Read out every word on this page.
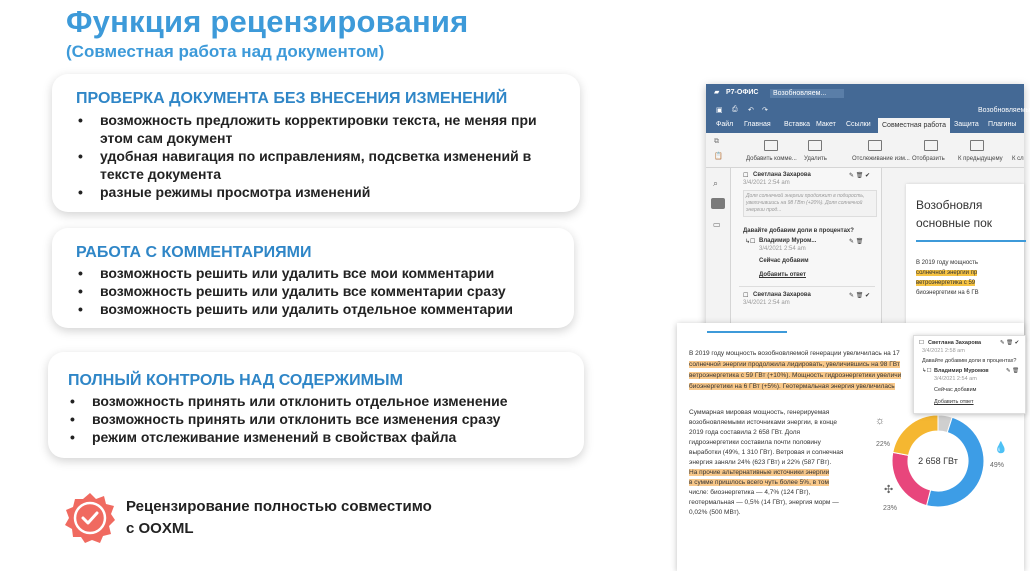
Функция рецензирования
(Совместная работа над документом)
ПРОВЕРКА ДОКУМЕНТА БЕЗ ВНЕСЕНИЯ ИЗМЕНЕНИЙ
• возможность предложить корректировки текста, не меняя при
этом сам документ
• удобная навигация по исправлениям, подсветка изменений в
тексте документа
• разные режимы просмотра изменений
РАБОТА С КОММЕНТАРИЯМИ
• возможность решить или удалить все мои комментарии
• возможность решить или удалить все комментарии сразу
• возможность решить или удалить отдельное комментарии
ПОЛНЫЙ КОНТРОЛЬ НАД СОДЕРЖИМЫМ
• возможность принять или отклонить отдельное изменение
• возможность принять или отклонить все изменения сразу
• режим отслеживание изменений в свойствах файла
Рецензирование полностью совместимо
с OOXML
▰ Р7-ОФИС	Возобновляем...
▣ ⎙ ↶ ↷	Возобновляемы
Файл Главная Вставка Макет Ссылки	Совместная работа	Защита Плагины
Добавить комме... Удалить	Отслеживание изм... Отобразить К предыдущему К сл
⧉
📋
⌕
▭
☐ Светлана Захарова	✎ 🗑 ✔
3/4/2021 2:54 am
Доля солнечной энергии продолжит в подирость, увеличившись на 98 ГВт (+20%). Доля солнечной энергии прод...
Давайте добавим доли в процентах?
↳☐ Владимир Муром...	✎ 🗑
3/4/2021 2:54 am
Сейчас добавим
Добавить ответ
☐ Светлана Захарова	✎ 🗑 ✔
3/4/2021 2:54 am
Возобновля
основные пок
В 2019 году мощность
солнечной энергии пр
ветроэнергетика с 59
биоэнергетики на 6 ГВ
В 2019 году мощность возобновляемой генерации увеличилась на 17
солнечной энергии продолжила лидировать, увеличившись на 98 ГВт
ветроэнергетика с 59 ГВт (+10%). Мощность гидроэнергетики увеличи
биоэнергетики на 6 ГВт (+5%). Геотермальная энергия увеличилась
Суммарная мировая мощность, генерируемая
возобновляемыми источниками энергии, в конце
2019 года составила 2 658 ГВт. Доля
гидроэнергетики составила почти половину
выработки (49%, 1 310 ГВт). Ветровая и солнечная
энергия заняли 24% (623 ГВт) и 22% (587 ГВт).
На прочие альтернативные источники энергии
в сумме пришлось всего чуть более 5%, в том
числе: биоэнергетика — 4,7% (124 ГВт),
геотермальная — 0,5% (14 ГВт), энергия морм —
0,02% (500 МВт).
2 658 ГВт
☼
22%	💧
49%
✣
23%
☐ Светлана Захарова	✎ 🗑 ✔
3/4/2021 2:58 am
Давайте добавим доли в процентах?
↳☐ Владимир Муромов	✎ 🗑
3/4/2021 2:54 am
Сейчас добавим
Добавить ответ
